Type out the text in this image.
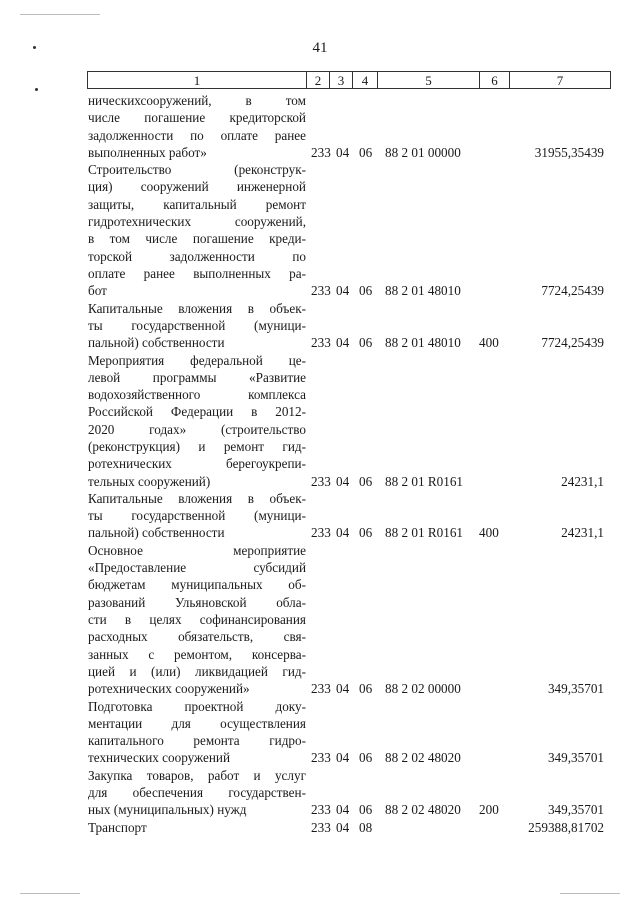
41
1	2	3	4	5	6	7
ническихсооружений, в том
числе погашение кредиторской
задолженности по оплате ранее
выполненных работ»	233 04 06 88 2 01 00000	31955,35439
Строительство (реконструк-
ция) сооружений инженерной
защиты, капитальный ремонт
гидротехнических сооружений,
в том числе погашение креди-
торской задолженности по
оплате ранее выполненных ра-
бот	233 04 06 88 2 01 48010	7724,25439
Капитальные вложения в объек-
ты государственной (муници-
пальной) собственности	233 04 06 88 2 01 48010 400	7724,25439
Мероприятия федеральной це-
левой программы «Развитие
водохозяйственного комплекса
Российской Федерации в 2012-
2020 годах» (строительство
(реконструкция) и ремонт гид-
ротехнических берегоукрепи-
тельных сооружений)	233 04 06 88 2 01 R0161	24231,1
Капитальные вложения в объек-
ты государственной (муници-
пальной) собственности	233 04 06 88 2 01 R0161 400	24231,1
Основное мероприятие
«Предоставление субсидий
бюджетам муниципальных об-
разований Ульяновской обла-
сти в целях софинансирования
расходных обязательств, свя-
занных с ремонтом, консерва-
цией и (или) ликвидацией гид-
ротехнических сооружений»	233 04 06 88 2 02 00000	349,35701
Подготовка проектной доку-
ментации для осуществления
капитального ремонта гидро-
технических сооружений	233 04 06 88 2 02 48020	349,35701
Закупка товаров, работ и услуг
для обеспечения государствен-
ных (муниципальных) нужд	233 04 06 88 2 02 48020 200	349,35701
Транспорт	233 04 08	259388,81702
